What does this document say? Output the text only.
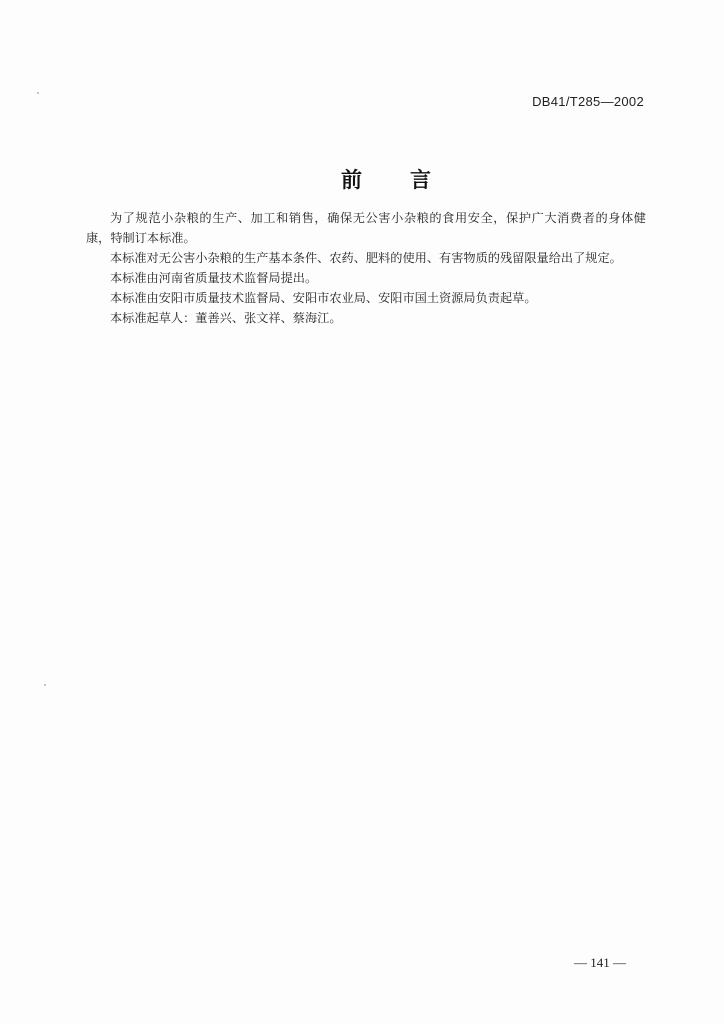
DB41/T285—2002
前言

为了规范小杂粮的生产、加工和销售，确保无公害小杂粮的食用安全，保护广大消费者的身体健康，特制订本标准。

本标准对无公害小杂粮的生产基本条件、农药、肥料的使用、有害物质的残留限量给出了规定。

本标准由河南省质量技术监督局提出。

本标准由安阳市质量技术监督局、安阳市农业局、安阳市国土资源局负责起草。

本标准起草人：董善兴、张文祥、蔡海江。

— 141 —
